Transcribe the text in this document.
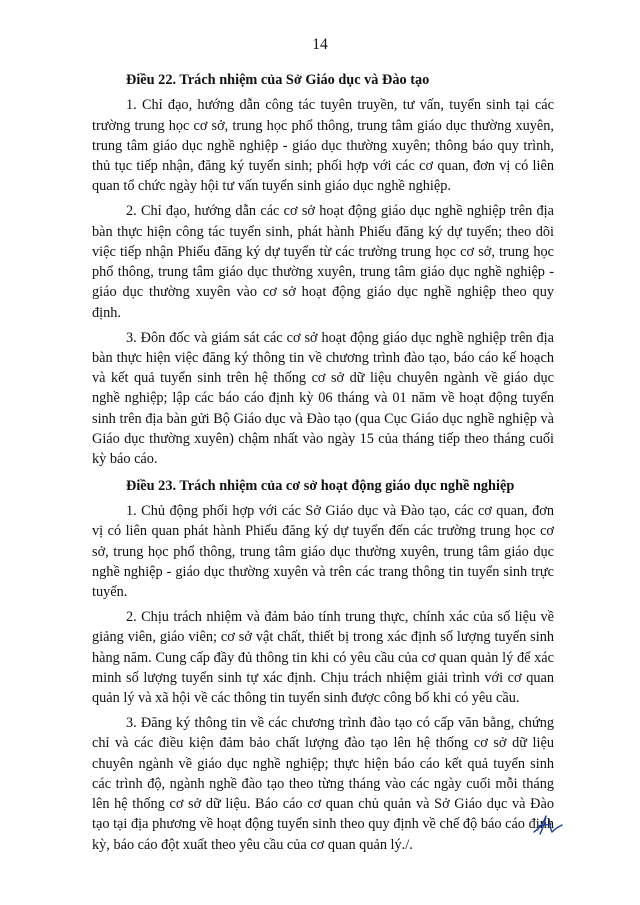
14
Điều 22. Trách nhiệm của Sở Giáo dục và Đào tạo

1. Chỉ đạo, hướng dẫn công tác tuyên truyền, tư vấn, tuyển sinh tại các trường trung học cơ sở, trung học phổ thông, trung tâm giáo dục thường xuyên, trung tâm giáo dục nghề nghiệp - giáo dục thường xuyên; thông báo quy trình, thủ tục tiếp nhận, đăng ký tuyển sinh; phối hợp với các cơ quan, đơn vị có liên quan tổ chức ngày hội tư vấn tuyển sinh giáo dục nghề nghiệp.

2. Chỉ đạo, hướng dẫn các cơ sở hoạt động giáo dục nghề nghiệp trên địa bàn thực hiện công tác tuyển sinh, phát hành Phiếu đăng ký dự tuyển; theo dõi việc tiếp nhận Phiếu đăng ký dự tuyển từ các trường trung học cơ sở, trung học phổ thông, trung tâm giáo dục thường xuyên, trung tâm giáo dục nghề nghiệp - giáo dục thường xuyên vào cơ sở hoạt động giáo dục nghề nghiệp theo quy định.

3. Đôn đốc và giám sát các cơ sở hoạt động giáo dục nghề nghiệp trên địa bàn thực hiện việc đăng ký thông tin về chương trình đào tạo, báo cáo kế hoạch và kết quả tuyển sinh trên hệ thống cơ sở dữ liệu chuyên ngành về giáo dục nghề nghiệp; lập các báo cáo định kỳ 06 tháng và 01 năm về hoạt động tuyển sinh trên địa bàn gửi Bộ Giáo dục và Đào tạo (qua Cục Giáo dục nghề nghiệp và Giáo dục thường xuyên) chậm nhất vào ngày 15 của tháng tiếp theo tháng cuối kỳ báo cáo.

Điều 23. Trách nhiệm của cơ sở hoạt động giáo dục nghề nghiệp

1. Chủ động phối hợp với các Sở Giáo dục và Đào tạo, các cơ quan, đơn vị có liên quan phát hành Phiếu đăng ký dự tuyển đến các trường trung học cơ sở, trung học phổ thông, trung tâm giáo dục thường xuyên, trung tâm giáo dục nghề nghiệp - giáo dục thường xuyên và trên các trang thông tin tuyển sinh trực tuyến.

2. Chịu trách nhiệm và đảm bảo tính trung thực, chính xác của số liệu về giảng viên, giáo viên; cơ sở vật chất, thiết bị trong xác định số lượng tuyển sinh hàng năm. Cung cấp đầy đủ thông tin khi có yêu cầu của cơ quan quản lý để xác minh số lượng tuyển sinh tự xác định. Chịu trách nhiệm giải trình với cơ quan quản lý và xã hội về các thông tin tuyển sinh được công bố khi có yêu cầu.

3. Đăng ký thông tin về các chương trình đào tạo có cấp văn bằng, chứng chỉ và các điều kiện đảm bảo chất lượng đào tạo lên hệ thống cơ sở dữ liệu chuyên ngành về giáo dục nghề nghiệp; thực hiện báo cáo kết quả tuyển sinh các trình độ, ngành nghề đào tạo theo từng tháng vào các ngày cuối mỗi tháng lên hệ thống cơ sở dữ liệu. Báo cáo cơ quan chủ quản và Sở Giáo dục và Đào tạo tại địa phương về hoạt động tuyển sinh theo quy định về chế độ báo cáo định kỳ, báo cáo đột xuất theo yêu cầu của cơ quan quản lý./.
